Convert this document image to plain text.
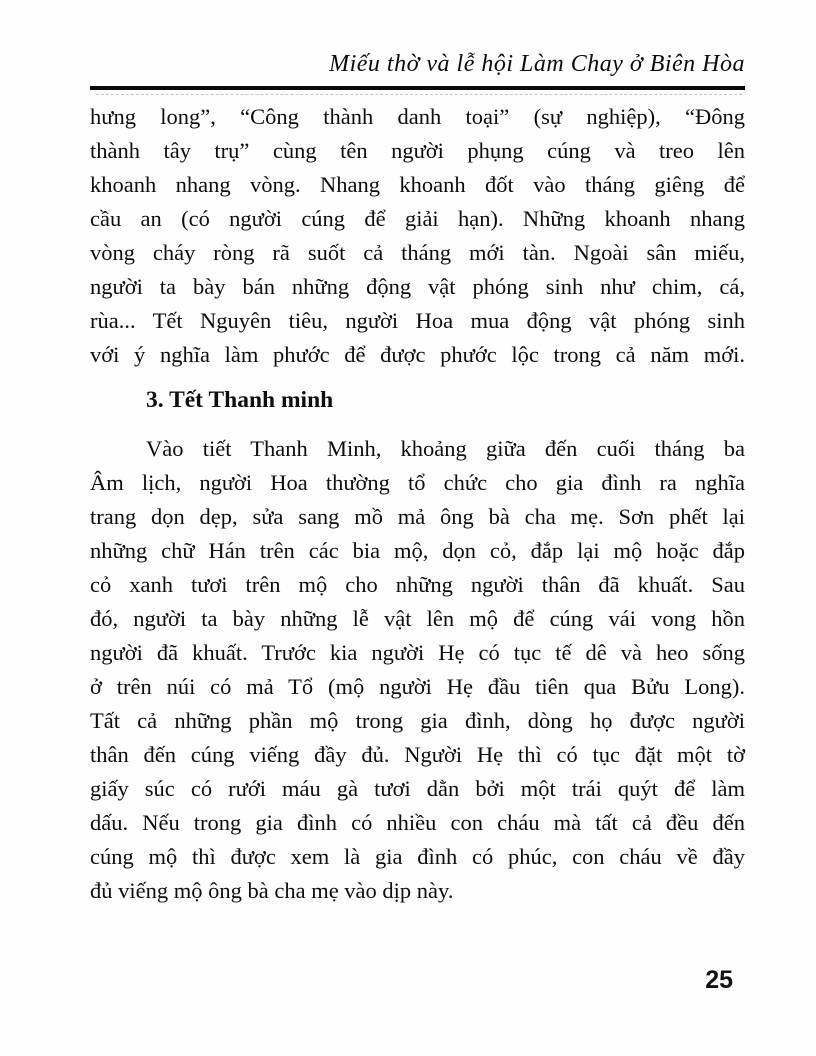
Miếu thờ và lễ hội Làm Chay ở Biên Hòa
hưng long”, “Công thành danh toại” (sự nghiệp), “Đông
thành tây trụ” cùng tên người phụng cúng và treo lên
khoanh nhang vòng. Nhang khoanh đốt vào tháng giêng để
cầu an (có người cúng để giải hạn). Những khoanh nhang
vòng cháy ròng rã suốt cả tháng mới tàn. Ngoài sân miếu,
người ta bày bán những động vật phóng sinh như chim, cá,
rùa... Tết Nguyên tiêu, người Hoa mua động vật phóng sinh
với ý nghĩa làm phước để được phước lộc trong cả năm mới.
3. Tết Thanh minh
Vào tiết Thanh Minh, khoảng giữa đến cuối tháng ba
Âm lịch, người Hoa thường tổ chức cho gia đình ra nghĩa
trang dọn dẹp, sửa sang mồ mả ông bà cha mẹ. Sơn phết lại
những chữ Hán trên các bia mộ, dọn cỏ, đắp lại mộ hoặc đắp
cỏ xanh tươi trên mộ cho những người thân đã khuất. Sau
đó, người ta bày những lễ vật lên mộ để cúng vái vong hồn
người đã khuất. Trước kia người Hẹ có tục tế dê và heo sống
ở trên núi có mả Tổ (mộ người Hẹ đầu tiên qua Bửu Long).
Tất cả những phần mộ trong gia đình, dòng họ được người
thân đến cúng viếng đầy đủ. Người Hẹ thì có tục đặt một tờ
giấy súc có rưới máu gà tươi dằn bởi một trái quýt để làm
dấu. Nếu trong gia đình có nhiều con cháu mà tất cả đều đến
cúng mộ thì được xem là gia đình có phúc, con cháu về đầy
đủ viếng mộ ông bà cha mẹ vào dịp này.
25
